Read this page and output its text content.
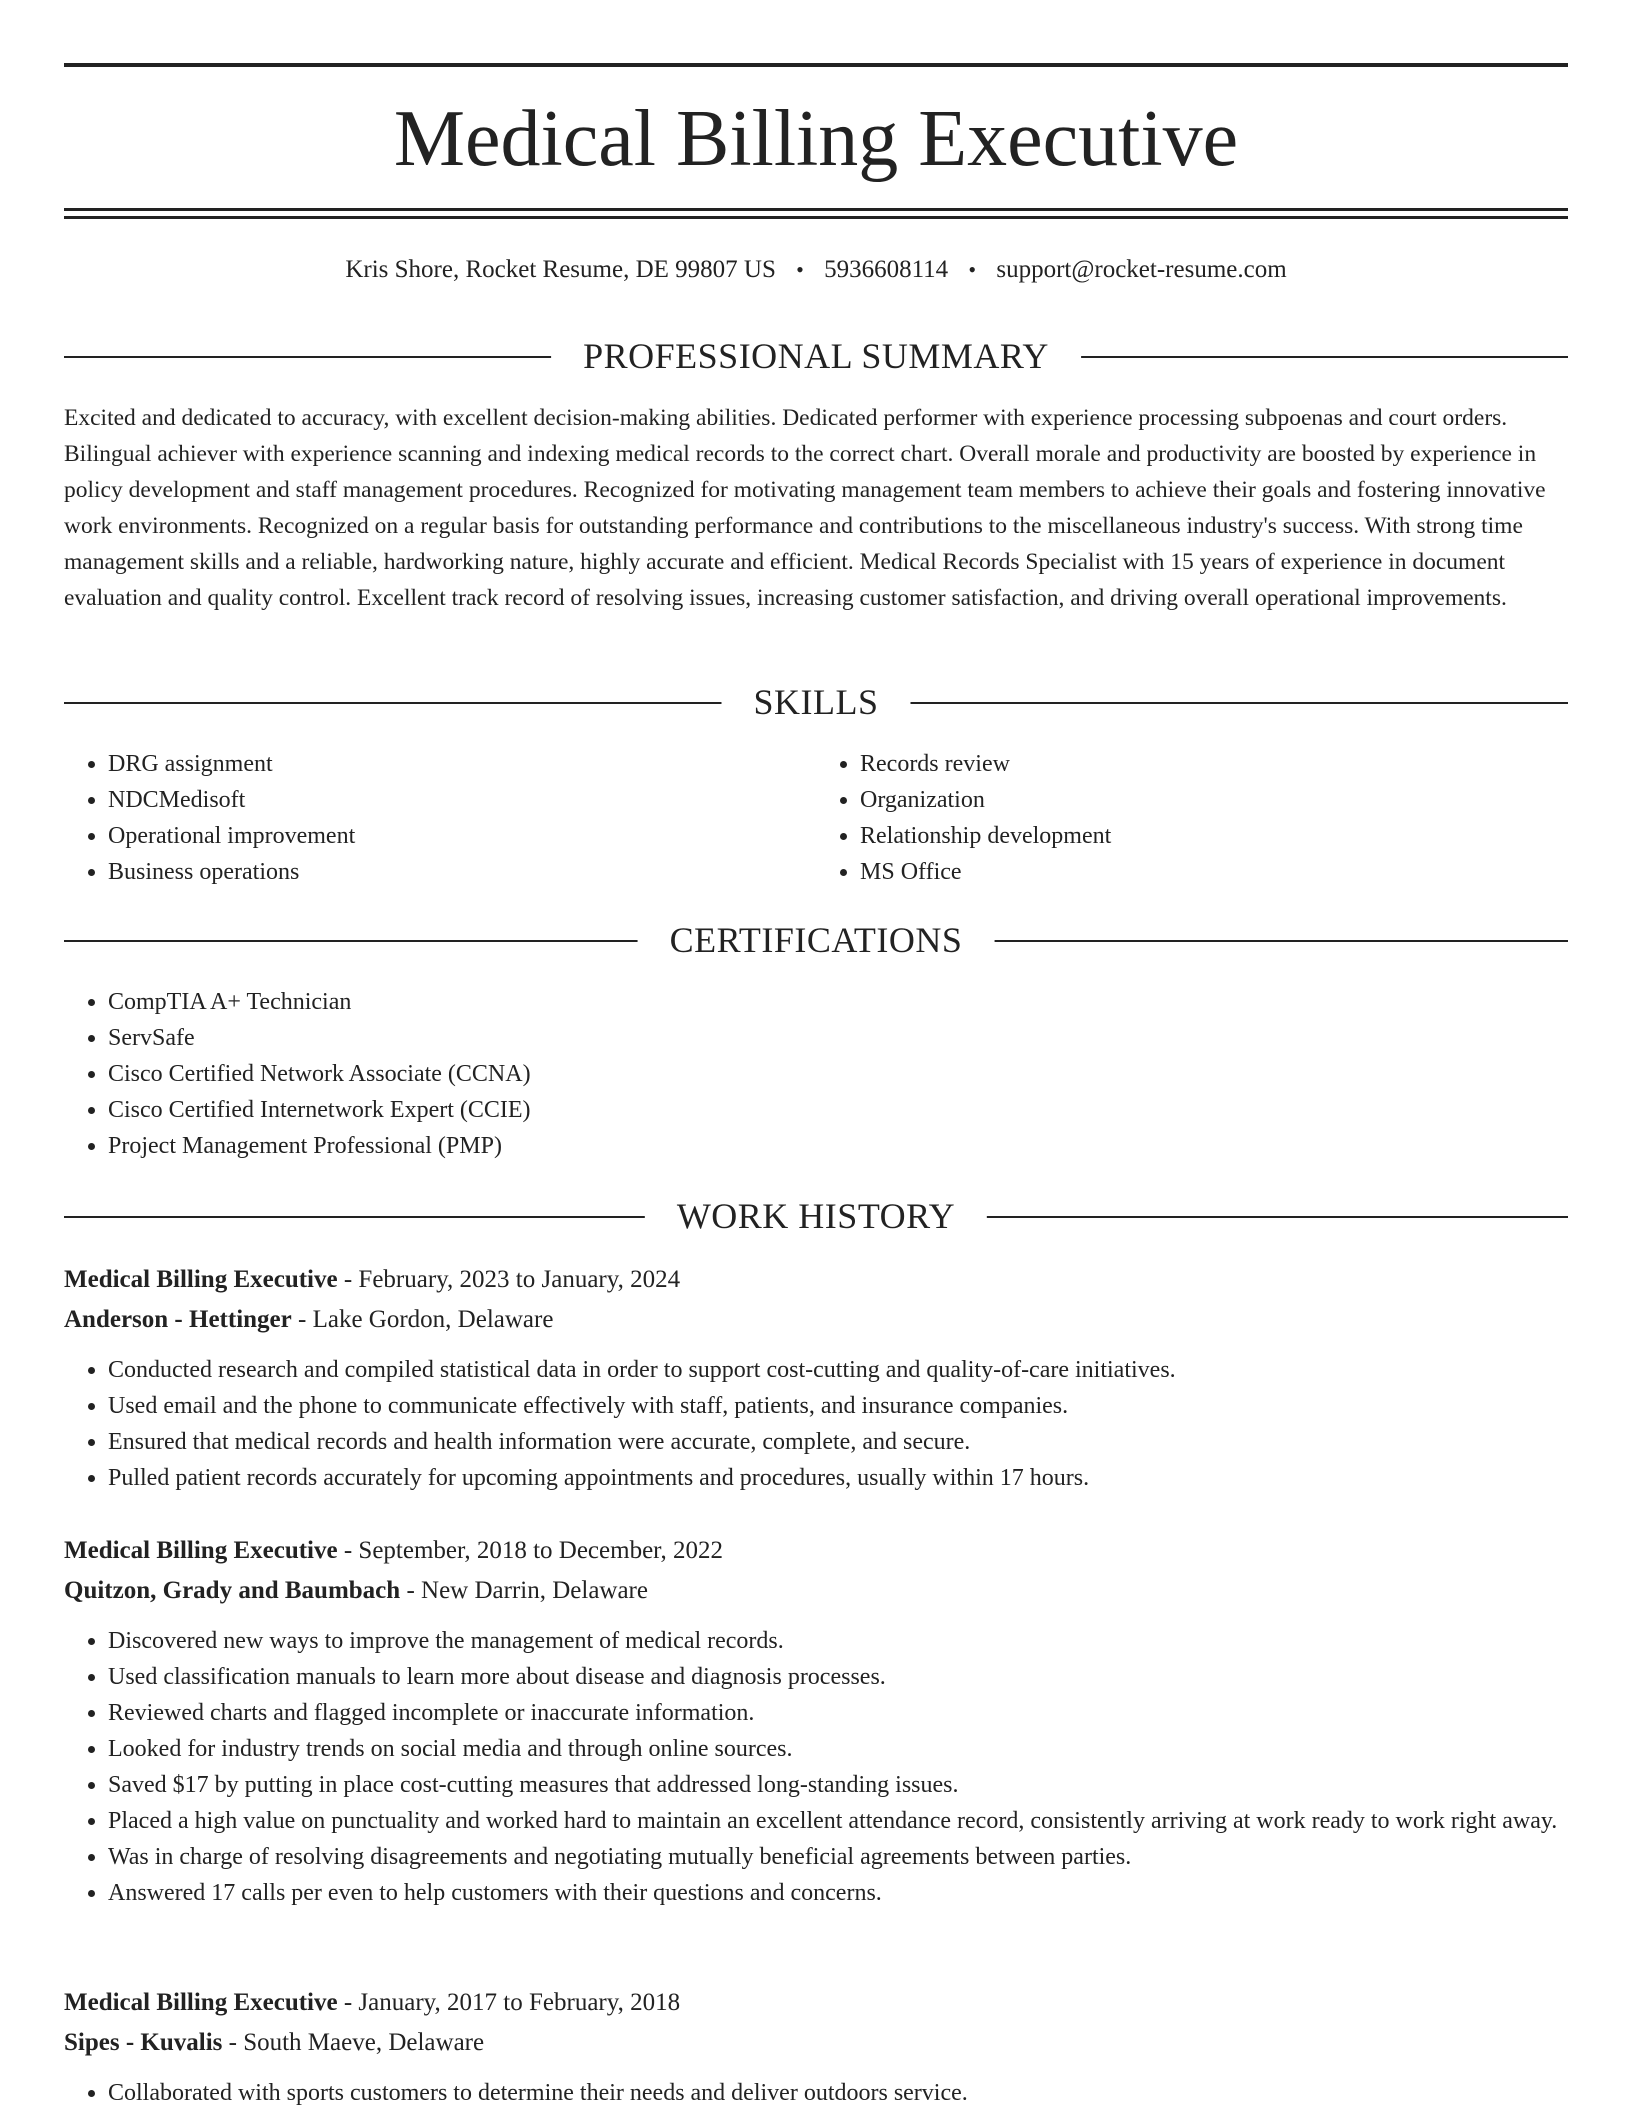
Medical Billing Executive
Kris Shore, Rocket Resume, DE 99807 US • 5936608114 • support@rocket-resume.com
PROFESSIONAL SUMMARY

Excited and dedicated to accuracy, with excellent decision-making abilities. Dedicated performer with experience processing subpoenas and court orders. Bilingual achiever with experience scanning and indexing medical records to the correct chart. Overall morale and productivity are boosted by experience in policy development and staff management procedures. Recognized for motivating management team members to achieve their goals and fostering innovative work environments. Recognized on a regular basis for outstanding performance and contributions to the miscellaneous industry's success. With strong time management skills and a reliable, hardworking nature, highly accurate and efficient. Medical Records Specialist with 15 years of experience in document evaluation and quality control. Excellent track record of resolving issues, increasing customer satisfaction, and driving overall operational improvements.

SKILLS
• DRG assignment
• NDCMedisoft
• Operational improvement
• Business operations
• Records review
• Organization
• Relationship development
• MS Office
CERTIFICATIONS
• CompTIA A+ Technician
• ServSafe
• Cisco Certified Network Associate (CCNA)
• Cisco Certified Internetwork Expert (CCIE)
• Project Management Professional (PMP)
WORK HISTORY
Medical Billing Executive - February, 2023 to January, 2024
Anderson - Hettinger - Lake Gordon, Delaware
• Conducted research and compiled statistical data in order to support cost-cutting and quality-of-care initiatives.
• Used email and the phone to communicate effectively with staff, patients, and insurance companies.
• Ensured that medical records and health information were accurate, complete, and secure.
• Pulled patient records accurately for upcoming appointments and procedures, usually within 17 hours.
Medical Billing Executive - September, 2018 to December, 2022
Quitzon, Grady and Baumbach - New Darrin, Delaware
• Discovered new ways to improve the management of medical records.
• Used classification manuals to learn more about disease and diagnosis processes.
• Reviewed charts and flagged incomplete or inaccurate information.
• Looked for industry trends on social media and through online sources.
• Saved $17 by putting in place cost-cutting measures that addressed long-standing issues.
• Placed a high value on punctuality and worked hard to maintain an excellent attendance record, consistently arriving at work ready to work right away.
• Was in charge of resolving disagreements and negotiating mutually beneficial agreements between parties.
• Answered 17 calls per even to help customers with their questions and concerns.
Medical Billing Executive - January, 2017 to February, 2018
Sipes - Kuvalis - South Maeve, Delaware
• Collaborated with sports customers to determine their needs and deliver outdoors service.
